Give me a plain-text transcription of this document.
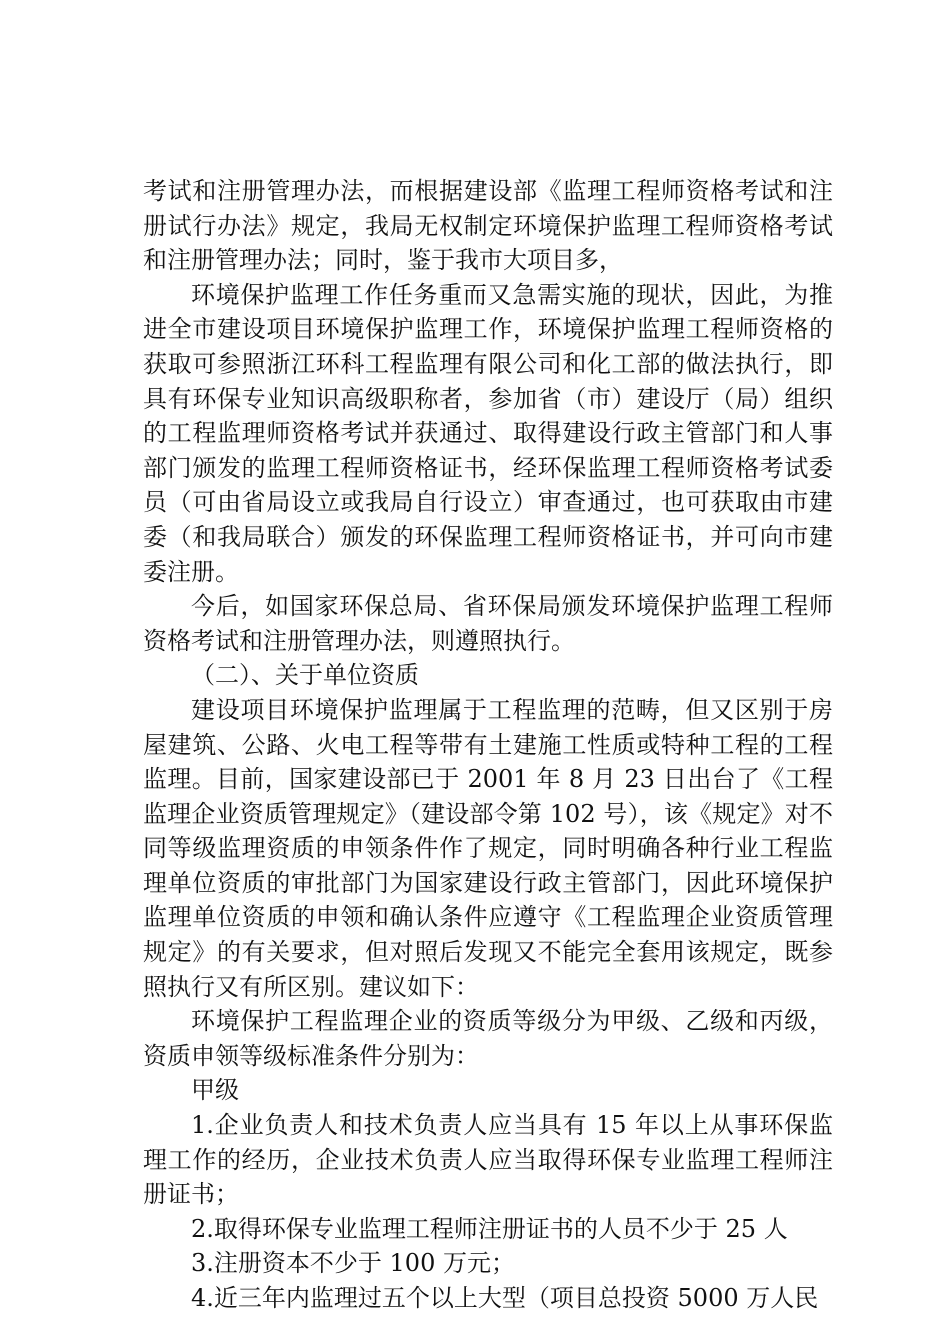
考试和注册管理办法，而根据建设部《监理工程师资格考试和注册试行办法》规定，我局无权制定环境保护监理工程师资格考试和注册管理办法；同时，鉴于我市大项目多，

环境保护监理工作任务重而又急需实施的现状，因此，为推进全市建设项目环境保护监理工作，环境保护监理工程师资格的获取可参照浙江环科工程监理有限公司和化工部的做法执行，即具有环保专业知识高级职称者，参加省（市）建设厅（局）组织的工程监理师资格考试并获通过、取得建设行政主管部门和人事部门颁发的监理工程师资格证书，经环保监理工程师资格考试委员（可由省局设立或我局自行设立）审查通过，也可获取由市建委（和我局联合）颁发的环保监理工程师资格证书，并可向市建委注册。

今后，如国家环保总局、省环保局颁发环境保护监理工程师资格考试和注册管理办法，则遵照执行。

（二）、关于单位资质

建设项目环境保护监理属于工程监理的范畴，但又区别于房屋建筑、公路、火电工程等带有土建施工性质或特种工程的工程监理。目前，国家建设部已于 2001 年 8 月 23 日出台了《工程监理企业资质管理规定》（建设部令第 102 号），该《规定》对不同等级监理资质的申领条件作了规定，同时明确各种行业工程监理单位资质的审批部门为国家建设行政主管部门，因此环境保护监理单位资质的申领和确认条件应遵守《工程监理企业资质管理规定》的有关要求，但对照后发现又不能完全套用该规定，既参照执行又有所区别。建议如下：

环境保护工程监理企业的资质等级分为甲级、乙级和丙级，资质申领等级标准条件分别为：

甲级

1.企业负责人和技术负责人应当具有 15 年以上从事环保监理工作的经历，企业技术负责人应当取得环保专业监理工程师注册证书；

2.取得环保专业监理工程师注册证书的人员不少于 25 人

3.注册资本不少于 100 万元；

4.近三年内监理过五个以上大型（项目总投资 5000 万人民
